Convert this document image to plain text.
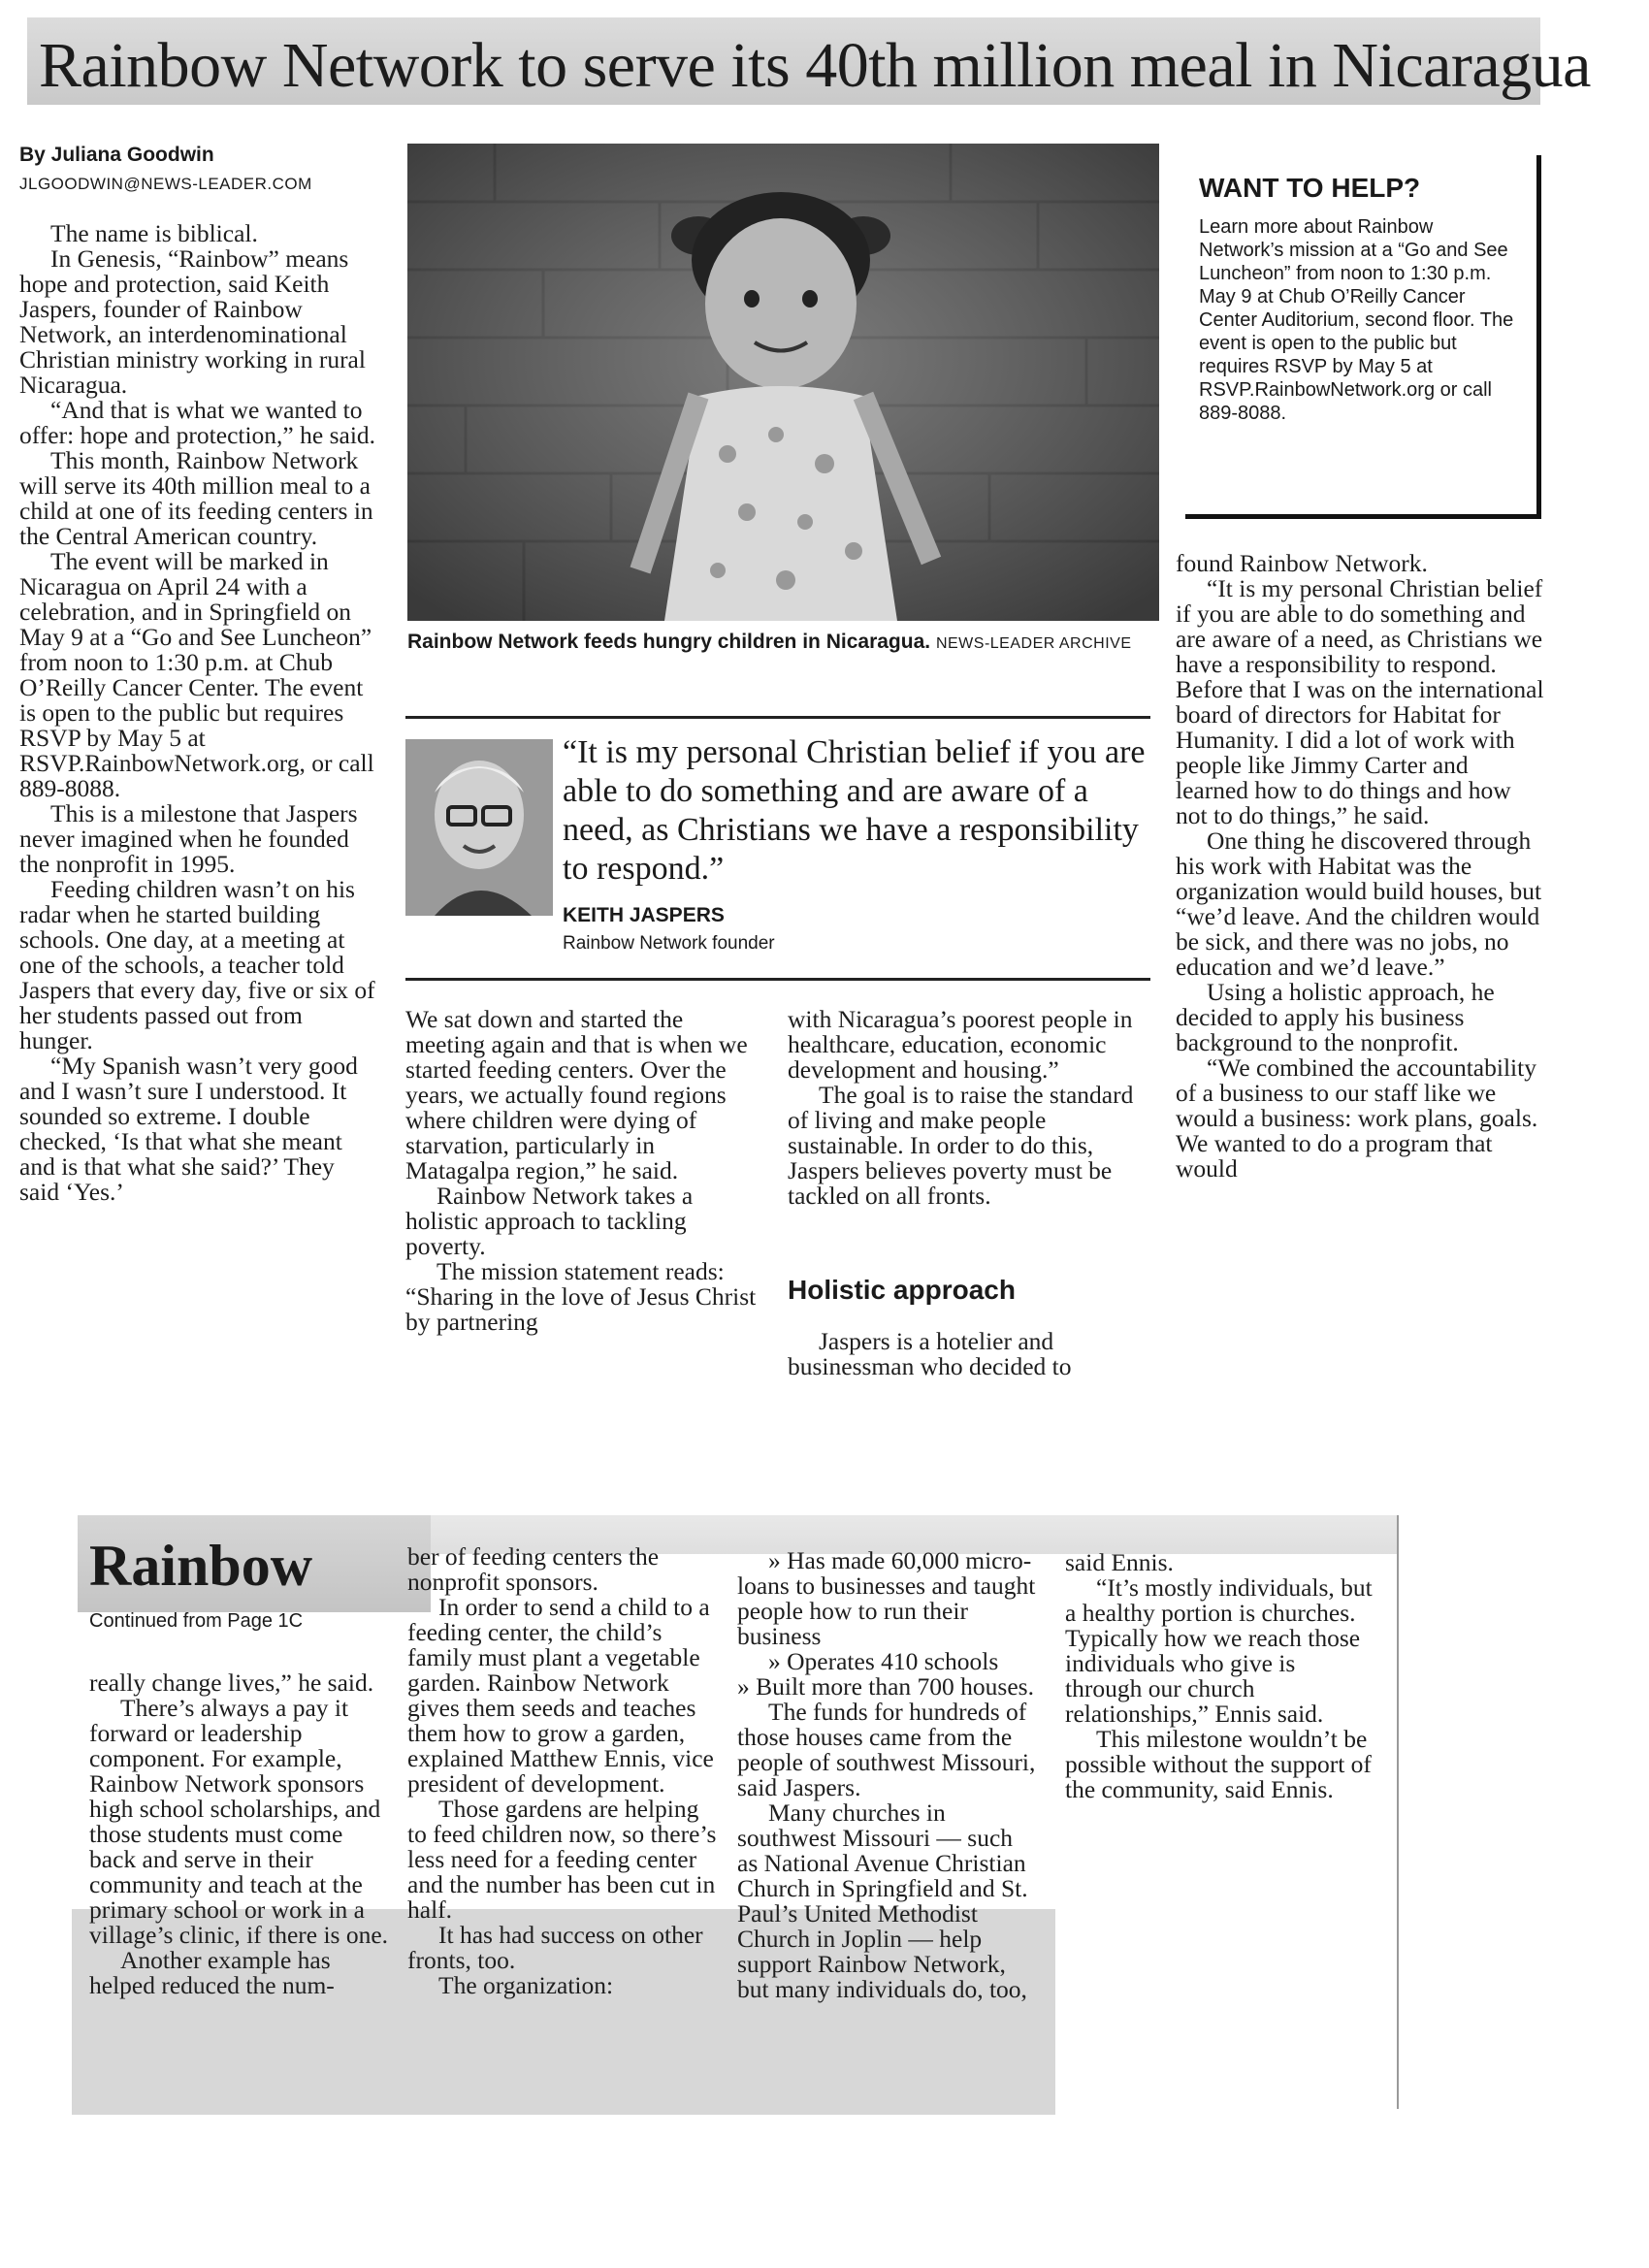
Rainbow Network to serve its 40th million meal in Nicaragua
By Juliana Goodwin
JLGOODWIN@NEWS-LEADER.COM

The name is biblical.

In Genesis, “Rainbow” means hope and protection, said Keith Jaspers, founder of Rainbow Network, an interdenominational Christian ministry working in rural Nicaragua.

“And that is what we wanted to offer: hope and protection,” he said.

This month, Rainbow Network will serve its 40th million meal to a child at one of its feeding centers in the Central American country.

The event will be marked in Nicaragua on April 24 with a celebration, and in Springfield on May 9 at a “Go and See Luncheon” from noon to 1:30 p.m. at Chub O’Reilly Cancer Center. The event is open to the public but requires RSVP by May 5 at RSVP.RainbowNetwork.org, or call 889-8088.

This is a milestone that Jaspers never imagined when he founded the nonprofit in 1995.

Feeding children wasn’t on his radar when he started building schools. One day, at a meeting at one of the schools, a teacher told Jaspers that every day, five or six of her students passed out from hunger.

“My Spanish wasn’t very good and I wasn’t sure I understood. It sounded so extreme. I double checked, ‘Is that what she meant and is that what she said?’ They said ‘Yes.’

Rainbow Network feeds hungry children in Nicaragua. NEWS-LEADER ARCHIVE
WANT TO HELP?
Learn more about Rainbow Network’s mission at a “Go and See Luncheon” from noon to 1:30 p.m. May 9 at Chub O’Reilly Cancer Center Auditorium, second floor. The event is open to the public but requires RSVP by May 5 at RSVP.RainbowNetwork.org or call 889-8088.
“It is my personal Christian belief if you are able to do something and are aware of a need, as Christians we have a responsibility to respond.”
KEITH JASPERS
Rainbow Network founder

We sat down and started the meeting again and that is when we started feeding centers. Over the years, we actually found regions where children were dying of starvation, particularly in Matagalpa region,” he said.

Rainbow Network takes a holistic approach to tackling poverty.

The mission statement reads: “Sharing in the love of Jesus Christ by partnering

with Nicaragua’s poorest people in healthcare, education, economic development and housing.”

The goal is to raise the standard of living and make people sustainable. In order to do this, Jaspers believes poverty must be tackled on all fronts.

Holistic approach

Jaspers is a hotelier and businessman who decided to

found Rainbow Network.

“It is my personal Christian belief if you are able to do something and are aware of a need, as Christians we have a responsibility to respond. Before that I was on the international board of directors for Habitat for Humanity. I did a lot of work with people like Jimmy Carter and learned how to do things and how not to do things,” he said.

One thing he discovered through his work with Habitat was the organization would build houses, but “we’d leave. And the children would be sick, and there was no jobs, no education and we’d leave.”

Using a holistic approach, he decided to apply his business background to the nonprofit.

“We combined the accountability of a business to our staff like we would a business: work plans, goals. We wanted to do a program that would

Rainbow
Continued from Page 1C

really change lives,” he said.

There’s always a pay it forward or leadership component. For example, Rainbow Network sponsors high school scholarships, and those students must come back and serve in their community and teach at the primary school or work in a village’s clinic, if there is one.

Another example has helped reduced the num-

ber of feeding centers the nonprofit sponsors.

In order to send a child to a feeding center, the child’s family must plant a vegetable garden. Rainbow Network gives them seeds and teaches them how to grow a garden, explained Matthew Ennis, vice president of development.

Those gardens are helping to feed children now, so there’s less need for a feeding center and the number has been cut in half.

It has had success on other fronts, too.

The organization:

» Has made 60,000 micro-loans to businesses and taught people how to run their business

» Operates 410 schools

» Built more than 700 houses.

The funds for hundreds of those houses came from the people of southwest Missouri, said Jaspers.

Many churches in southwest Missouri — such as National Avenue Christian Church in Springfield and St. Paul’s United Methodist Church in Joplin — help support Rainbow Network, but many individuals do, too,

said Ennis.

“It’s mostly individuals, but a healthy portion is churches. Typically how we reach those individuals who give is through our church relationships,” Ennis said.

This milestone wouldn’t be possible without the support of the community, said Ennis.
